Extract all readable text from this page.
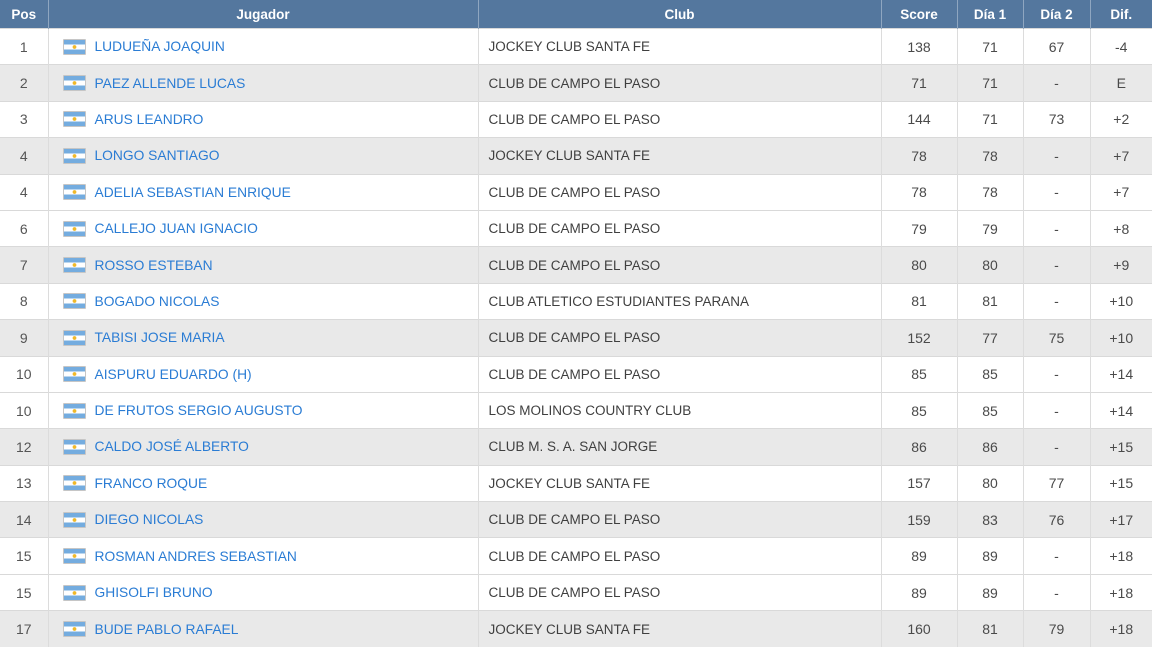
Pos	Jugador	Club	Score	Día 1	Día 2	Dif.
1	LUDUEÑA JOAQUIN	JOCKEY CLUB SANTA FE	138	71	67	-4
2	PAEZ ALLENDE LUCAS	CLUB DE CAMPO EL PASO	71	71	-	E
3	ARUS LEANDRO	CLUB DE CAMPO EL PASO	144	71	73	+2
4	LONGO SANTIAGO	JOCKEY CLUB SANTA FE	78	78	-	+7
4	ADELIA SEBASTIAN ENRIQUE	CLUB DE CAMPO EL PASO	78	78	-	+7
6	CALLEJO JUAN IGNACIO	CLUB DE CAMPO EL PASO	79	79	-	+8
7	ROSSO ESTEBAN	CLUB DE CAMPO EL PASO	80	80	-	+9
8	BOGADO NICOLAS	CLUB ATLETICO ESTUDIANTES PARANA	81	81	-	+10
9	TABISI JOSE MARIA	CLUB DE CAMPO EL PASO	152	77	75	+10
10	AISPURU EDUARDO (H)	CLUB DE CAMPO EL PASO	85	85	-	+14
10	DE FRUTOS SERGIO AUGUSTO	LOS MOLINOS COUNTRY CLUB	85	85	-	+14
12	CALDO JOSÉ ALBERTO	CLUB M. S. A. SAN JORGE	86	86	-	+15
13	FRANCO ROQUE	JOCKEY CLUB SANTA FE	157	80	77	+15
14	DIEGO NICOLAS	CLUB DE CAMPO EL PASO	159	83	76	+17
15	ROSMAN ANDRES SEBASTIAN	CLUB DE CAMPO EL PASO	89	89	-	+18
15	GHISOLFI BRUNO	CLUB DE CAMPO EL PASO	89	89	-	+18
17	BUDE PABLO RAFAEL	JOCKEY CLUB SANTA FE	160	81	79	+18
